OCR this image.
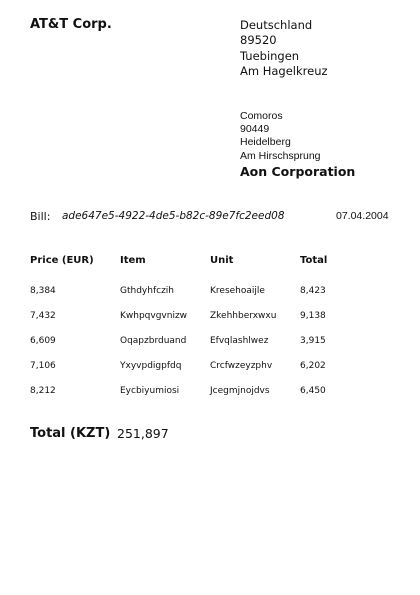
AT&T Corp.	Deutschland
89520
Tuebingen
Am Hagelkreuz
Comoros
90449
Heidelberg
Am Hirschsprung
Aon Corporation
Bill: ade647e5-4922-4de5-b82c-89e7fc2eed08	07.04.2004
Price (EUR)	Item	Unit	Total
8,384	Gthdyhfczih	Kresehoaijle	8,423
7,432	Kwhpqvgvnizw	Zkehhberxwxu	9,138
6,609	Oqapzbrduand	Efvqlashlwez	3,915
7,106	Yxyvpdigpfdq	Crcfwzeyzphv	6,202
8,212	Eycbiyumiosi	Jcegmjnojdvs	6,450
Total (KZT) 251,897
